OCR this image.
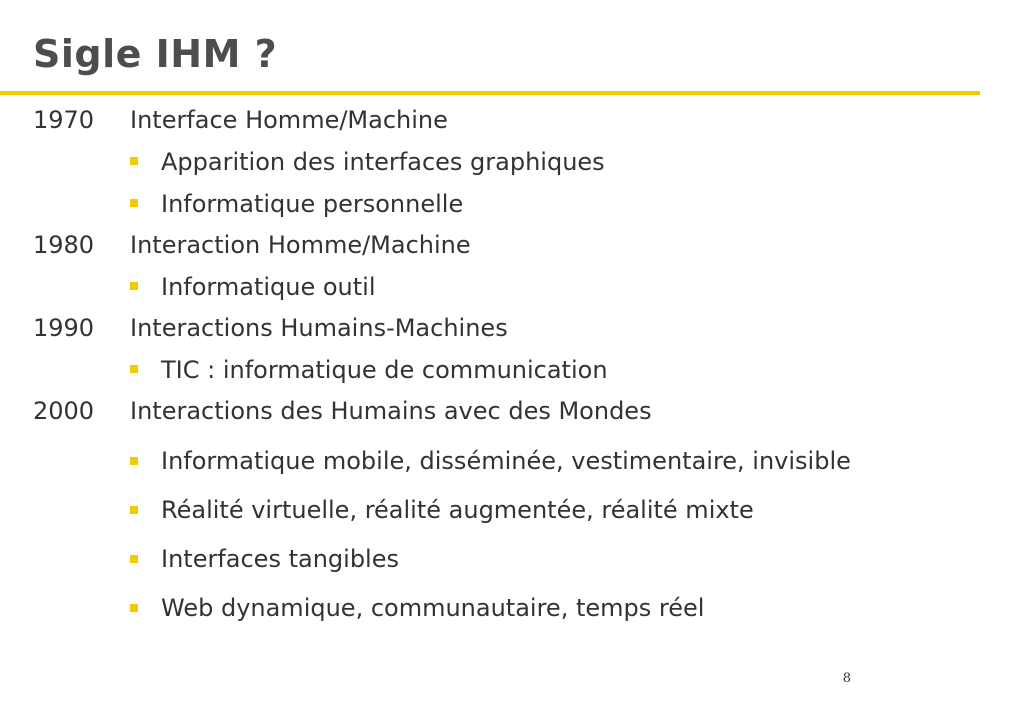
Sigle IHM ?
1970	Interface Homme/Machine
Apparition des interfaces graphiques
Informatique personnelle
1980	Interaction Homme/Machine
Informatique outil
1990	Interactions Humains-Machines
TIC : informatique de communication
2000	Interactions des Humains avec des Mondes
Informatique mobile, disséminée, vestimentaire, invisible
Réalité virtuelle, réalité augmentée, réalité mixte
Interfaces tangibles
Web dynamique, communautaire, temps réel
8
